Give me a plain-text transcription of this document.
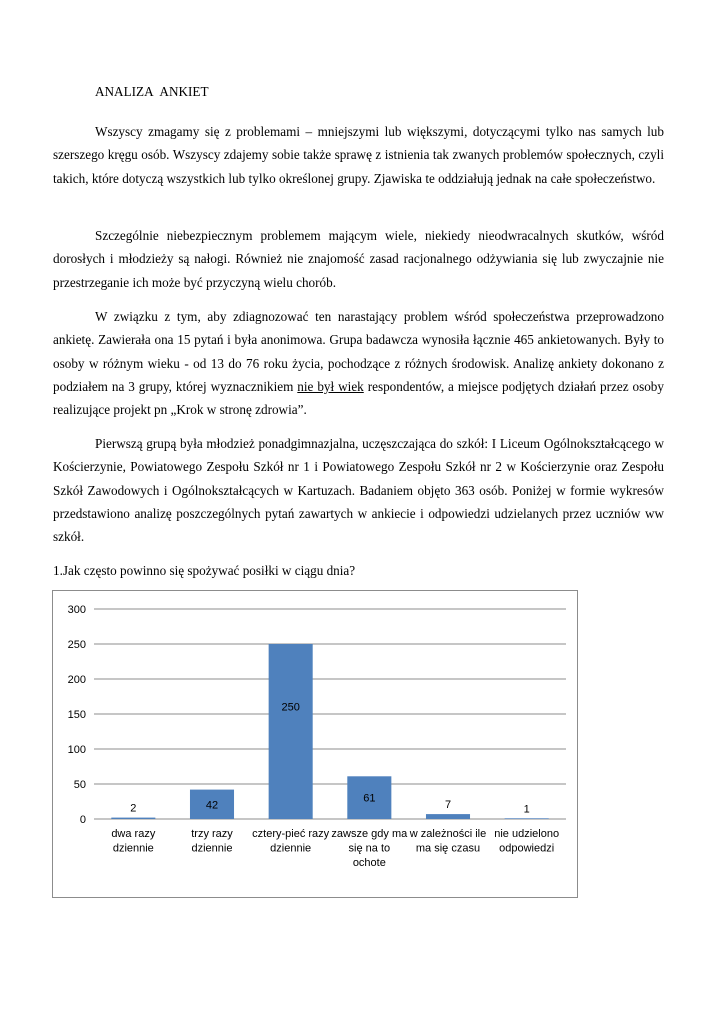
ANALIZA ANKIET

Wszyscy zmagamy się z problemami – mniejszymi lub większymi, dotyczącymi tylko nas samych lub szerszego kręgu osób. Wszyscy zdajemy sobie także sprawę z istnienia tak zwanych problemów społecznych, czyli takich, które dotyczą wszystkich lub tylko określonej grupy. Zjawiska te oddziałują jednak na całe społeczeństwo.

Szczególnie niebezpiecznym problemem mającym wiele, niekiedy nieodwracalnych skutków, wśród dorosłych i młodzieży są nałogi. Również nie znajomość zasad racjonalnego odżywiania się lub zwyczajnie nie przestrzeganie ich może być przyczyną wielu chorób.

W związku z tym, aby zdiagnozować ten narastający problem wśród społeczeństwa przeprowadzono ankietę. Zawierała ona 15 pytań i była anonimowa. Grupa badawcza wynosiła łącznie 465 ankietowanych. Były to osoby w różnym wieku - od 13 do 76 roku życia, pochodzące z różnych środowisk. Analizę ankiety dokonano z podziałem na 3 grupy, której wyznacznikiem nie był wiek respondentów, a miejsce podjętych działań przez osoby realizujące projekt pn „Krok w stronę zdrowia”.

Pierwszą grupą była młodzież ponadgimnazjalna, uczęszczająca do szkół: I Liceum Ogólnokształcącego w Kościerzynie, Powiatowego Zespołu Szkół nr 1 i Powiatowego Zespołu Szkół nr 2 w Kościerzynie oraz Zespołu Szkół Zawodowych i Ogólnokształcących w Kartuzach. Badaniem objęto 363 osób. Poniżej w formie wykresów przedstawiono analizę poszczególnych pytań zawartych w ankiecie i odpowiedzi udzielanych przez uczniów ww szkół.

1.Jak często powinno się spożywać posiłki w ciągu dnia?

0
50
100
150
200
250
300
2
dwa razy
dziennie
42
trzy razy
dziennie
250
cztery-pieć razy
dziennie
61
zawsze gdy ma
się na to
ochote
7
w zależności ile
ma się czasu
1
nie udzielono
odpowiedzi
